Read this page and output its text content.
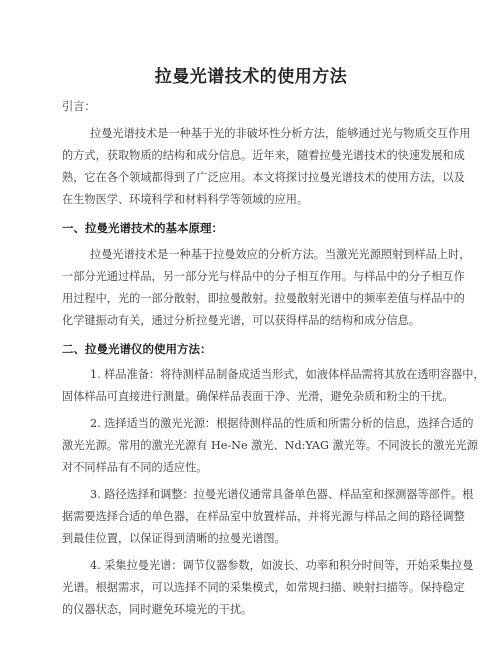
拉曼光谱技术的使用方法
引言：
拉曼光谱技术是一种基于光的非破坏性分析方法，能够通过光与物质交互作用
的方式，获取物质的结构和成分信息。近年来，随着拉曼光谱技术的快速发展和成
熟，它在各个领域都得到了广泛应用。本文将探讨拉曼光谱技术的使用方法，以及
在生物医学、环境科学和材料科学等领域的应用。
一、拉曼光谱技术的基本原理：
拉曼光谱技术是一种基于拉曼效应的分析方法。当激光光源照射到样品上时，
一部分光通过样品，另一部分光与样品中的分子相互作用。与样品中的分子相互作
用过程中，光的一部分散射，即拉曼散射。拉曼散射光谱中的频率差值与样品中的
化学键振动有关，通过分析拉曼光谱，可以获得样品的结构和成分信息。
二、拉曼光谱仪的使用方法：
1. 样品准备：将待测样品制备成适当形式，如液体样品需将其放在透明容器中，
固体样品可直接进行测量。确保样品表面干净、光滑，避免杂质和粉尘的干扰。
2. 选择适当的激光光源：根据待测样品的性质和所需分析的信息，选择合适的
激光光源。常用的激光光源有 He-Ne 激光、Nd:YAG 激光等。不同波长的激光光源
对不同样品有不同的适应性。
3. 路径选择和调整：拉曼光谱仪通常具备单色器、样品室和探测器等部件。根
据需要选择合适的单色器，在样品室中放置样品，并将光源与样品之间的路径调整
到最佳位置，以保证得到清晰的拉曼光谱图。
4. 采集拉曼光谱：调节仪器参数，如波长、功率和积分时间等，开始采集拉曼
光谱。根据需求，可以选择不同的采集模式，如常规扫描、映射扫描等。保持稳定
的仪器状态，同时避免环境光的干扰。
